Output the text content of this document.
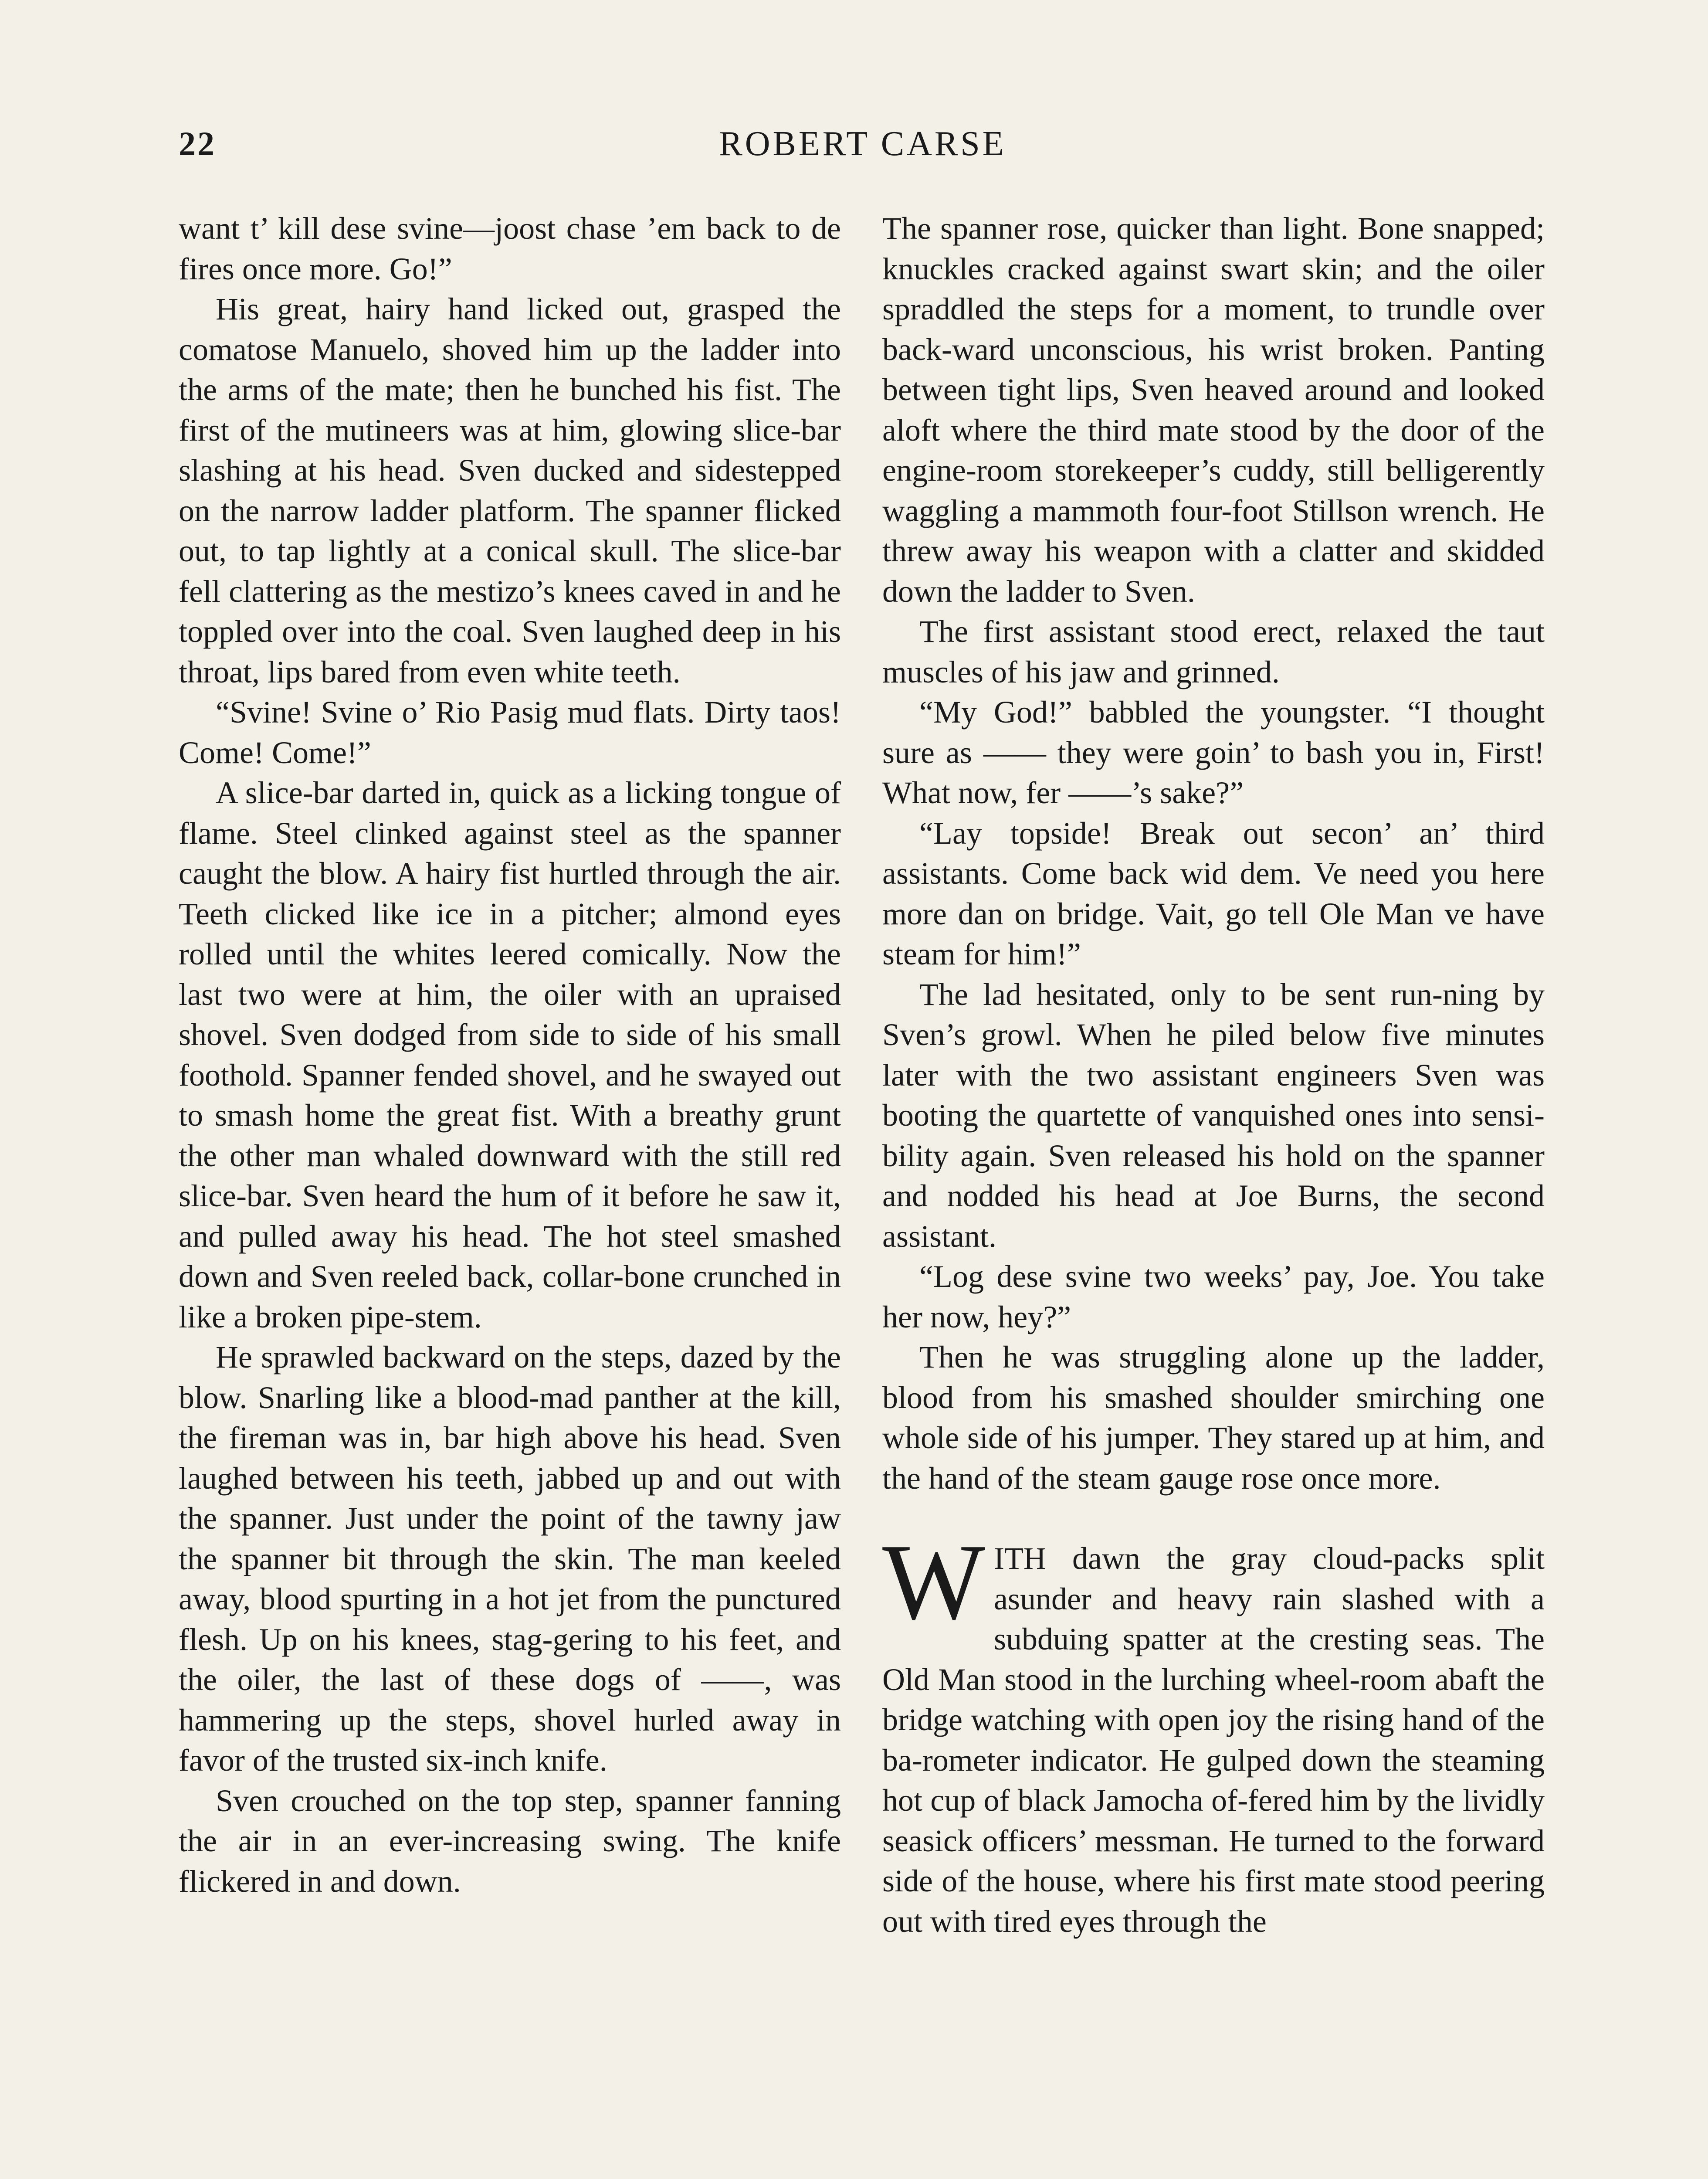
22	ROBERT CARSE

want t’ kill dese svine—joost chase ’em back to de fires once more. Go!”

His great, hairy hand licked out, grasped the comatose Manuelo, shoved him up the ladder into the arms of the mate; then he bunched his fist. The first of the mutineers was at him, glowing slice-bar slashing at his head. Sven ducked and sidestepped on the narrow ladder platform. The spanner flicked out, to tap lightly at a conical skull. The slice-bar fell clattering as the mestizo’s knees caved in and he toppled over into the coal. Sven laughed deep in his throat, lips bared from even white teeth.

“Svine! Svine o’ Rio Pasig mud flats. Dirty taos! Come! Come!”

A slice-bar darted in, quick as a licking tongue of flame. Steel clinked against steel as the spanner caught the blow. A hairy fist hurtled through the air. Teeth clicked like ice in a pitcher; almond eyes rolled until the whites leered comically. Now the last two were at him, the oiler with an upraised shovel. Sven dodged from side to side of his small foothold. Spanner fended shovel, and he swayed out to smash home the great fist. With a breathy grunt the other man whaled downward with the still red slice-bar. Sven heard the hum of it before he saw it, and pulled away his head. The hot steel smashed down and Sven reeled back, collar-bone crunched in like a broken pipe-stem.

He sprawled backward on the steps, dazed by the blow. Snarling like a blood-mad panther at the kill, the fireman was in, bar high above his head. Sven laughed between his teeth, jabbed up and out with the spanner. Just under the point of the tawny jaw the spanner bit through the skin. The man keeled away, blood spurting in a hot jet from the punctured flesh. Up on his knees, stag-gering to his feet, and the oiler, the last of these dogs of ——, was hammering up the steps, shovel hurled away in favor of the trusted six-inch knife.

Sven crouched on the top step, spanner fanning the air in an ever-increasing swing. The knife flickered in and down.

The spanner rose, quicker than light. Bone snapped; knuckles cracked against swart skin; and the oiler spraddled the steps for a moment, to trundle over back-ward unconscious, his wrist broken. Panting between tight lips, Sven heaved around and looked aloft where the third mate stood by the door of the engine-room storekeeper’s cuddy, still belligerently waggling a mammoth four-foot Stillson wrench. He threw away his weapon with a clatter and skidded down the ladder to Sven.

The first assistant stood erect, relaxed the taut muscles of his jaw and grinned.

“My God!” babbled the youngster. “I thought sure as —— they were goin’ to bash you in, First! What now, fer ——’s sake?”

“Lay topside! Break out secon’ an’ third assistants. Come back wid dem. Ve need you here more dan on bridge. Vait, go tell Ole Man ve have steam for him!”

The lad hesitated, only to be sent run-ning by Sven’s growl. When he piled below five minutes later with the two assistant engineers Sven was booting the quartette of vanquished ones into sensi-bility again. Sven released his hold on the spanner and nodded his head at Joe Burns, the second assistant.

“Log dese svine two weeks’ pay, Joe. You take her now, hey?”

Then he was struggling alone up the ladder, blood from his smashed shoulder smirching one whole side of his jumper. They stared up at him, and the hand of the steam gauge rose once more.

WITH dawn the gray cloud-packs split asunder and heavy rain slashed with a subduing spatter at the cresting seas. The Old Man stood in the lurching wheel-room abaft the bridge watching with open joy the rising hand of the ba-rometer indicator. He gulped down the steaming hot cup of black Jamocha of-fered him by the lividly seasick officers’ messman. He turned to the forward side of the house, where his first mate stood peering out with tired eyes through the
